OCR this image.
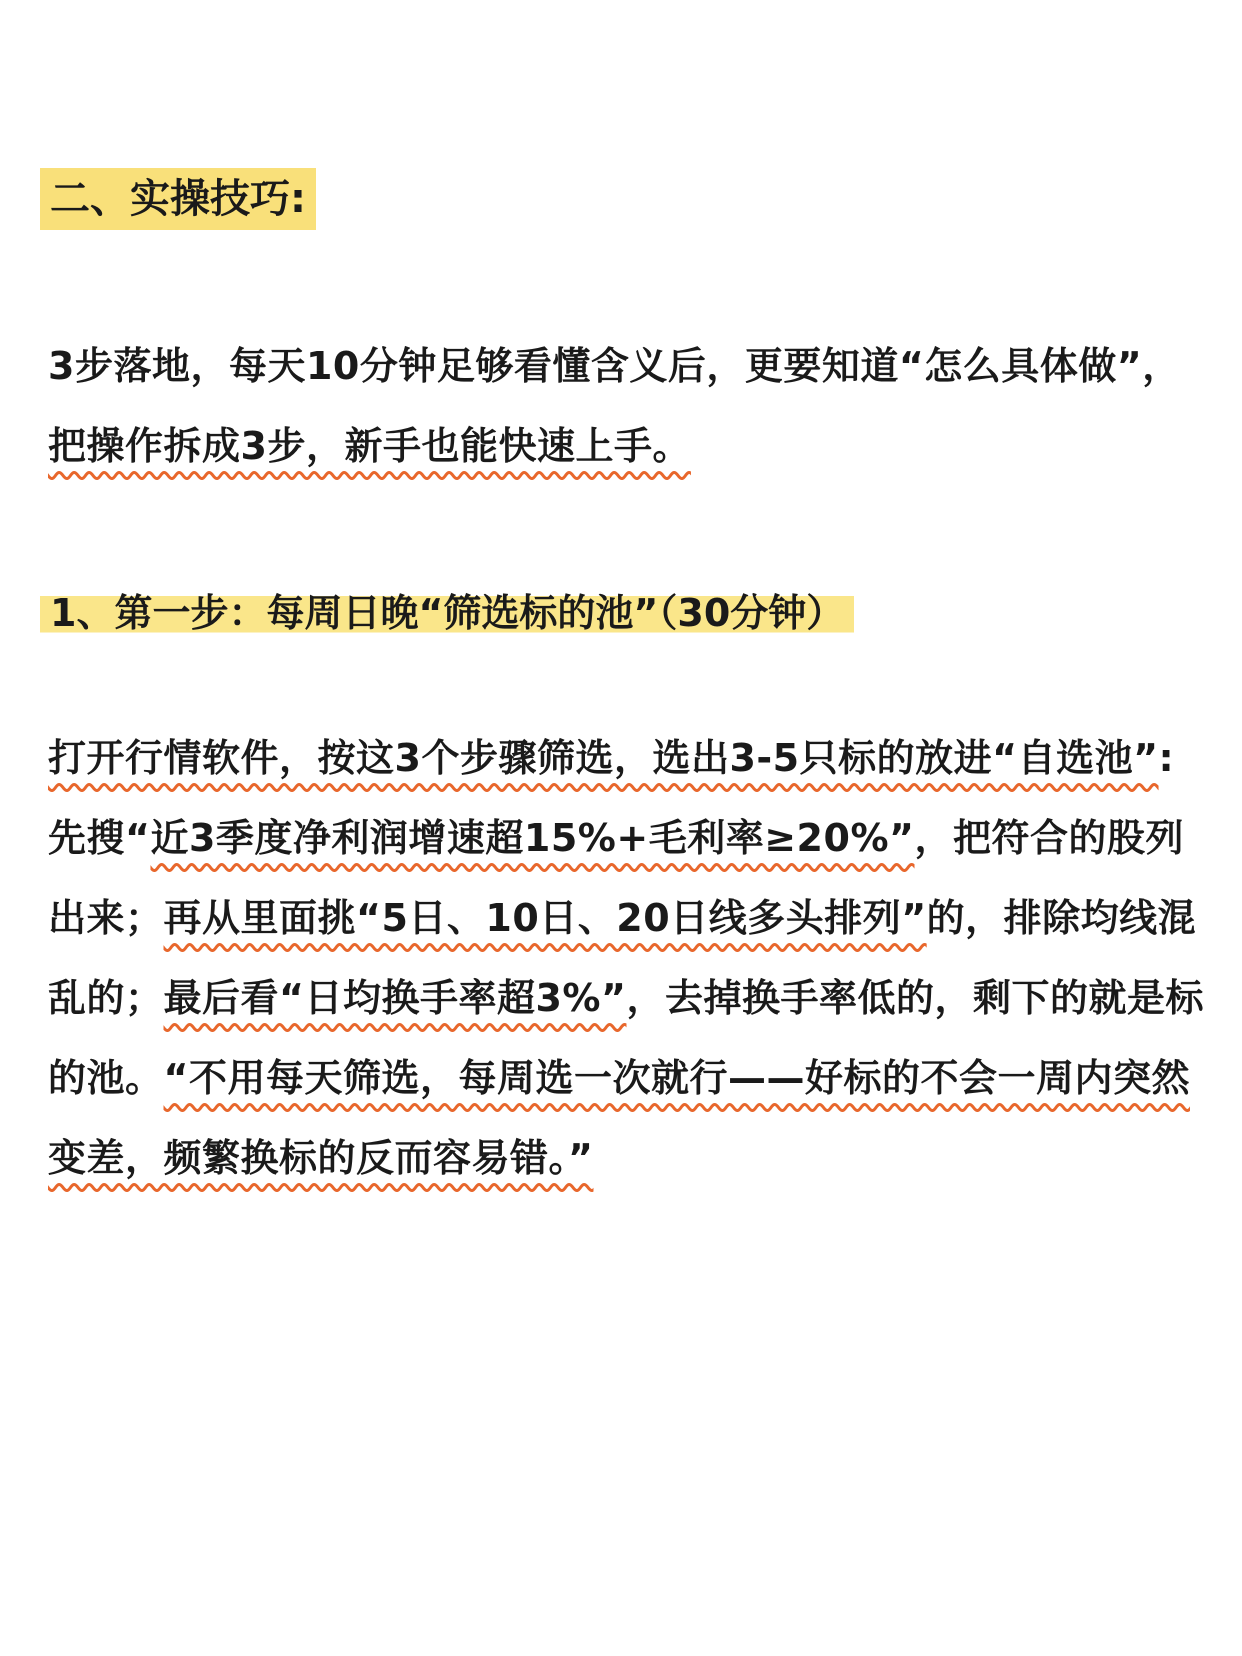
二、实操技巧:
3步落地，每天10分钟足够看懂含义后，更要知道“怎么具体做”，把操作拆成3步，新手也能快速上手。
1、第一步：每周日晚“筛选标的池”（30分钟）
打开行情软件，按这3个步骤筛选，选出3-5只标的放进“自选池”:
先搜“近3季度净利润增速超15%+毛利率≥20%”，把符合的股列出来；再从里面挑“5日、10日、20日线多头排列”的，排除均线混乱的；最后看“日均换手率超3%”，去掉换手率低的，剩下的就是标的池。“不用每天筛选，每周选一次就行——好标的不会一周内突然变差，频繁换标的反而容易错。”
